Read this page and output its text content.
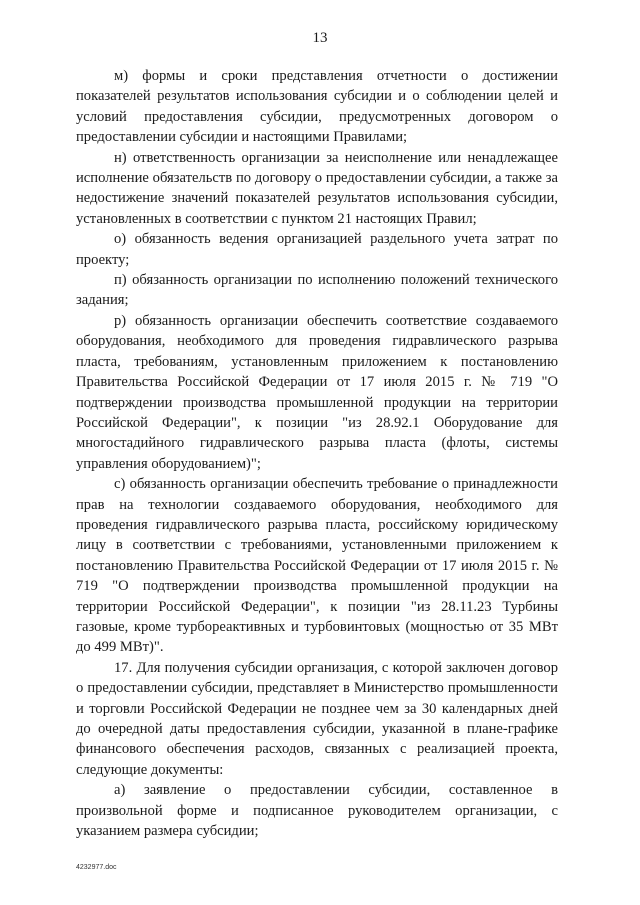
13

м) формы и сроки представления отчетности о достижении показателей результатов использования субсидии и о соблюдении целей и условий предоставления субсидии, предусмотренных договором о предоставлении субсидии и настоящими Правилами;

н) ответственность организации за неисполнение или ненадлежащее исполнение обязательств по договору о предоставлении субсидии, а также за недостижение значений показателей результатов использования субсидии, установленных в соответствии с пунктом 21 настоящих Правил;

о) обязанность ведения организацией раздельного учета затрат по проекту;

п) обязанность организации по исполнению положений технического задания;

р) обязанность организации обеспечить соответствие создаваемого оборудования, необходимого для проведения гидравлического разрыва пласта, требованиям, установленным приложением к постановлению Правительства Российской Федерации от 17 июля 2015 г. № 719 "О подтверждении производства промышленной продукции на территории Российской Федерации", к позиции "из 28.92.1 Оборудование для многостадийного гидравлического разрыва пласта (флоты, системы управления оборудованием)";

с) обязанность организации обеспечить требование о принадлежности прав на технологии создаваемого оборудования, необходимого для проведения гидравлического разрыва пласта, российскому юридическому лицу в соответствии с требованиями, установленными приложением к постановлению Правительства Российской Федерации от 17 июля 2015 г. № 719 "О подтверждении производства промышленной продукции на территории Российской Федерации", к позиции "из 28.11.23 Турбины газовые, кроме турбореактивных и турбовинтовых (мощностью от 35 МВт до 499 МВт)".

17. Для получения субсидии организация, с которой заключен договор о предоставлении субсидии, представляет в Министерство промышленности и торговли Российской Федерации не позднее чем за 30 календарных дней до очередной даты предоставления субсидии, указанной в плане-графике финансового обеспечения расходов, связанных с реализацией проекта, следующие документы:

а) заявление о предоставлении субсидии, составленное в произвольной форме и подписанное руководителем организации, с указанием размера субсидии;

4232977.doc
